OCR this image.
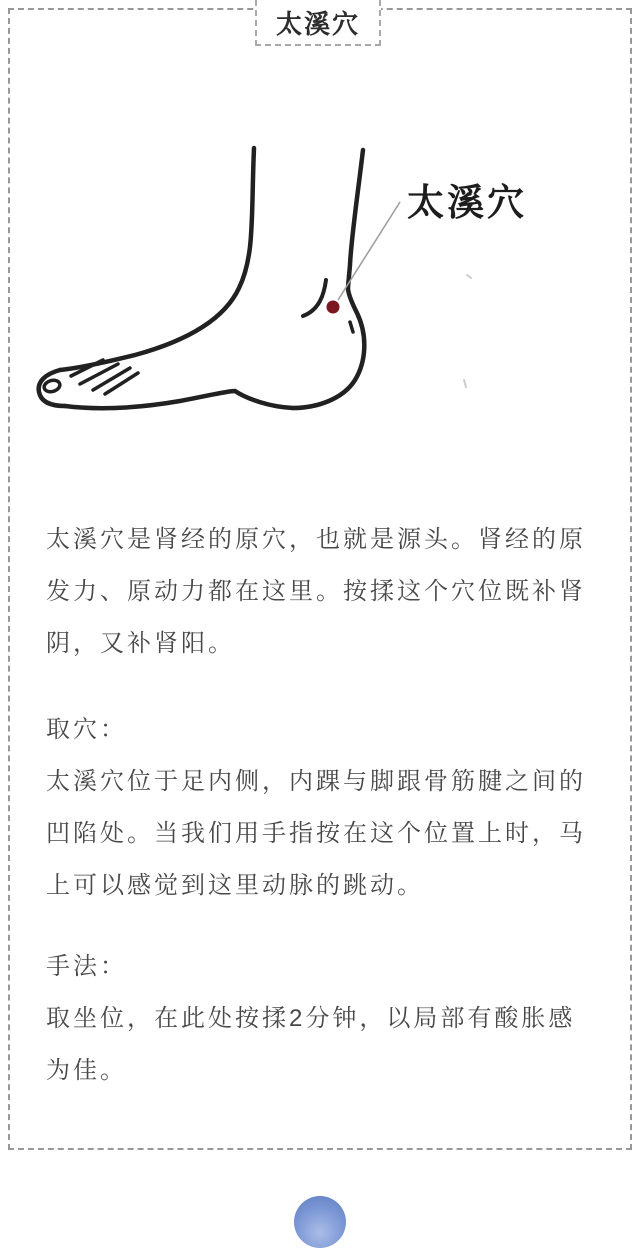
太溪穴
太溪穴
太溪穴是肾经的原穴，也就是源头。肾经的原
发力、原动力都在这里。按揉这个穴位既补肾
阴，又补肾阳。
取穴：
太溪穴位于足内侧，内踝与脚跟骨筋腱之间的
凹陷处。当我们用手指按在这个位置上时，马
上可以感觉到这里动脉的跳动。
手法：
取坐位，在此处按揉2分钟，以局部有酸胀感
为佳。
